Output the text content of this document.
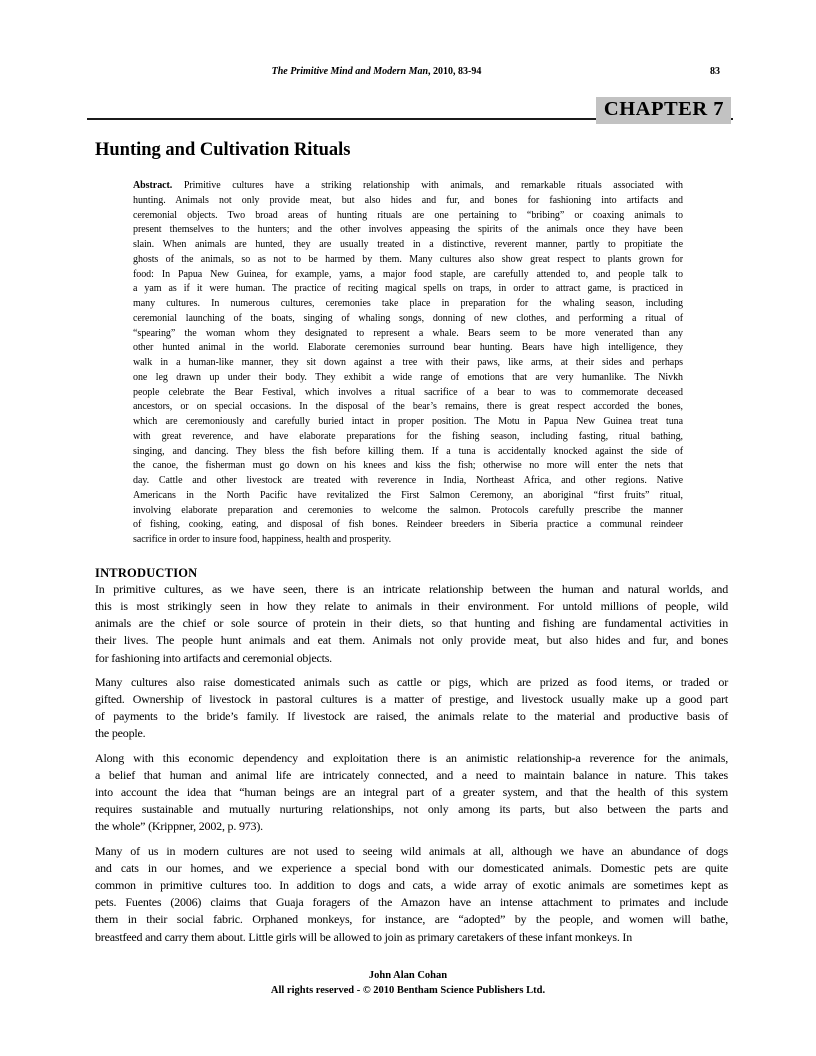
The Primitive Mind and Modern Man, 2010, 83-94	83
CHAPTER 7
Hunting and Cultivation Rituals
Abstract. Primitive cultures have a striking relationship with animals, and remarkable rituals associated with
hunting. Animals not only provide meat, but also hides and fur, and bones for fashioning into artifacts and
ceremonial objects. Two broad areas of hunting rituals are one pertaining to “bribing” or coaxing animals to
present themselves to the hunters; and the other involves appeasing the spirits of the animals once they have been
slain. When animals are hunted, they are usually treated in a distinctive, reverent manner, partly to propitiate the
ghosts of the animals, so as not to be harmed by them. Many cultures also show great respect to plants grown for
food: In Papua New Guinea, for example, yams, a major food staple, are carefully attended to, and people talk to
a yam as if it were human. The practice of reciting magical spells on traps, in order to attract game, is practiced in
many cultures. In numerous cultures, ceremonies take place in preparation for the whaling season, including
ceremonial launching of the boats, singing of whaling songs, donning of new clothes, and performing a ritual of
“spearing” the woman whom they designated to represent a whale. Bears seem to be more venerated than any
other hunted animal in the world. Elaborate ceremonies surround bear hunting. Bears have high intelligence, they
walk in a human-like manner, they sit down against a tree with their paws, like arms, at their sides and perhaps
one leg drawn up under their body. They exhibit a wide range of emotions that are very humanlike. The Nivkh
people celebrate the Bear Festival, which involves a ritual sacrifice of a bear to was to commemorate deceased
ancestors, or on special occasions. In the disposal of the bear’s remains, there is great respect accorded the bones,
which are ceremoniously and carefully buried intact in proper position. The Motu in Papua New Guinea treat tuna
with great reverence, and have elaborate preparations for the fishing season, including fasting, ritual bathing,
singing, and dancing. They bless the fish before killing them. If a tuna is accidentally knocked against the side of
the canoe, the fisherman must go down on his knees and kiss the fish; otherwise no more will enter the nets that
day. Cattle and other livestock are treated with reverence in India, Northeast Africa, and other regions. Native
Americans in the North Pacific have revitalized the First Salmon Ceremony, an aboriginal “first fruits” ritual,
involving elaborate preparation and ceremonies to welcome the salmon. Protocols carefully prescribe the manner
of fishing, cooking, eating, and disposal of fish bones. Reindeer breeders in Siberia practice a communal reindeer
sacrifice in order to insure food, happiness, health and prosperity.
INTRODUCTION
In primitive cultures, as we have seen, there is an intricate relationship between the human and natural worlds, and
this is most strikingly seen in how they relate to animals in their environment. For untold millions of people, wild
animals are the chief or sole source of protein in their diets, so that hunting and fishing are fundamental activities in
their lives. The people hunt animals and eat them. Animals not only provide meat, but also hides and fur, and bones
for fashioning into artifacts and ceremonial objects.
Many cultures also raise domesticated animals such as cattle or pigs, which are prized as food items, or traded or
gifted. Ownership of livestock in pastoral cultures is a matter of prestige, and livestock usually make up a good part
of payments to the bride’s family. If livestock are raised, the animals relate to the material and productive basis of
the people.
Along with this economic dependency and exploitation there is an animistic relationship-a reverence for the animals,
a belief that human and animal life are intricately connected, and a need to maintain balance in nature. This takes
into account the idea that “human beings are an integral part of a greater system, and that the health of this system
requires sustainable and mutually nurturing relationships, not only among its parts, but also between the parts and
the whole” (Krippner, 2002, p. 973).
Many of us in modern cultures are not used to seeing wild animals at all, although we have an abundance of dogs
and cats in our homes, and we experience a special bond with our domesticated animals. Domestic pets are quite
common in primitive cultures too. In addition to dogs and cats, a wide array of exotic animals are sometimes kept as
pets. Fuentes (2006) claims that Guaja foragers of the Amazon have an intense attachment to primates and include
them in their social fabric. Orphaned monkeys, for instance, are “adopted” by the people, and women will bathe,
breastfeed and carry them about. Little girls will be allowed to join as primary caretakers of these infant monkeys. In
John Alan Cohan
All rights reserved - © 2010 Bentham Science Publishers Ltd.
